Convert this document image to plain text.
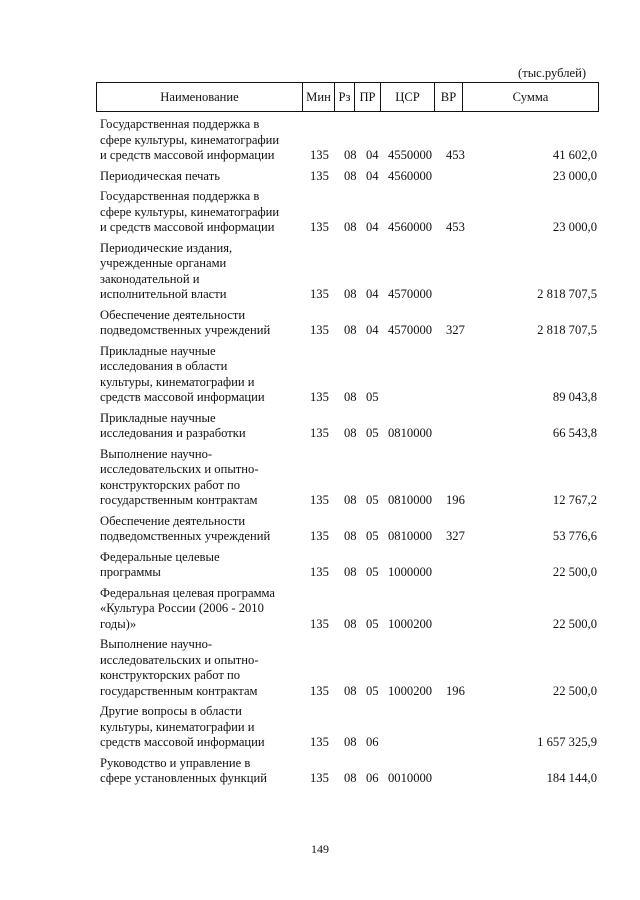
(тыс.рублей)
Наименование	Мин Рз ПР	ЦСР	ВР	Сумма
Государственная поддержка в
сфере культуры, кинематографии
и средств массовой информации	135	08 04 4550000	453	41 602,0
Периодическая печать	135	08 04 4560000	23 000,0
Государственная поддержка в
сфере культуры, кинематографии
и средств массовой информации	135	08 04 4560000	453	23 000,0
Периодические издания,
учрежденные органами
законодательной и
исполнительной власти	135	08 04 4570000	2 818 707,5
Обеспечение деятельности
подведомственных учреждений	135	08 04 4570000	327	2 818 707,5
Прикладные научные
исследования в области
культуры, кинематографии и
средств массовой информации	135	08 05	89 043,8
Прикладные научные
исследования и разработки	135	08 05 0810000	66 543,8
Выполнение научно-
исследовательских и опытно-
конструкторских работ по
государственным контрактам	135	08 05 0810000	196	12 767,2
Обеспечение деятельности
подведомственных учреждений	135	08 05 0810000	327	53 776,6
Федеральные целевые
программы	135	08 05 1000000	22 500,0
Федеральная целевая программа
«Культура России (2006 - 2010
годы)»	135	08 05 1000200	22 500,0
Выполнение научно-
исследовательских и опытно-
конструкторских работ по
государственным контрактам	135	08 05 1000200	196	22 500,0
Другие вопросы в области
культуры, кинематографии и
средств массовой информации	135	08 06	1 657 325,9
Руководство и управление в
сфере установленных функций	135	08 06 0010000	184 144,0
149
